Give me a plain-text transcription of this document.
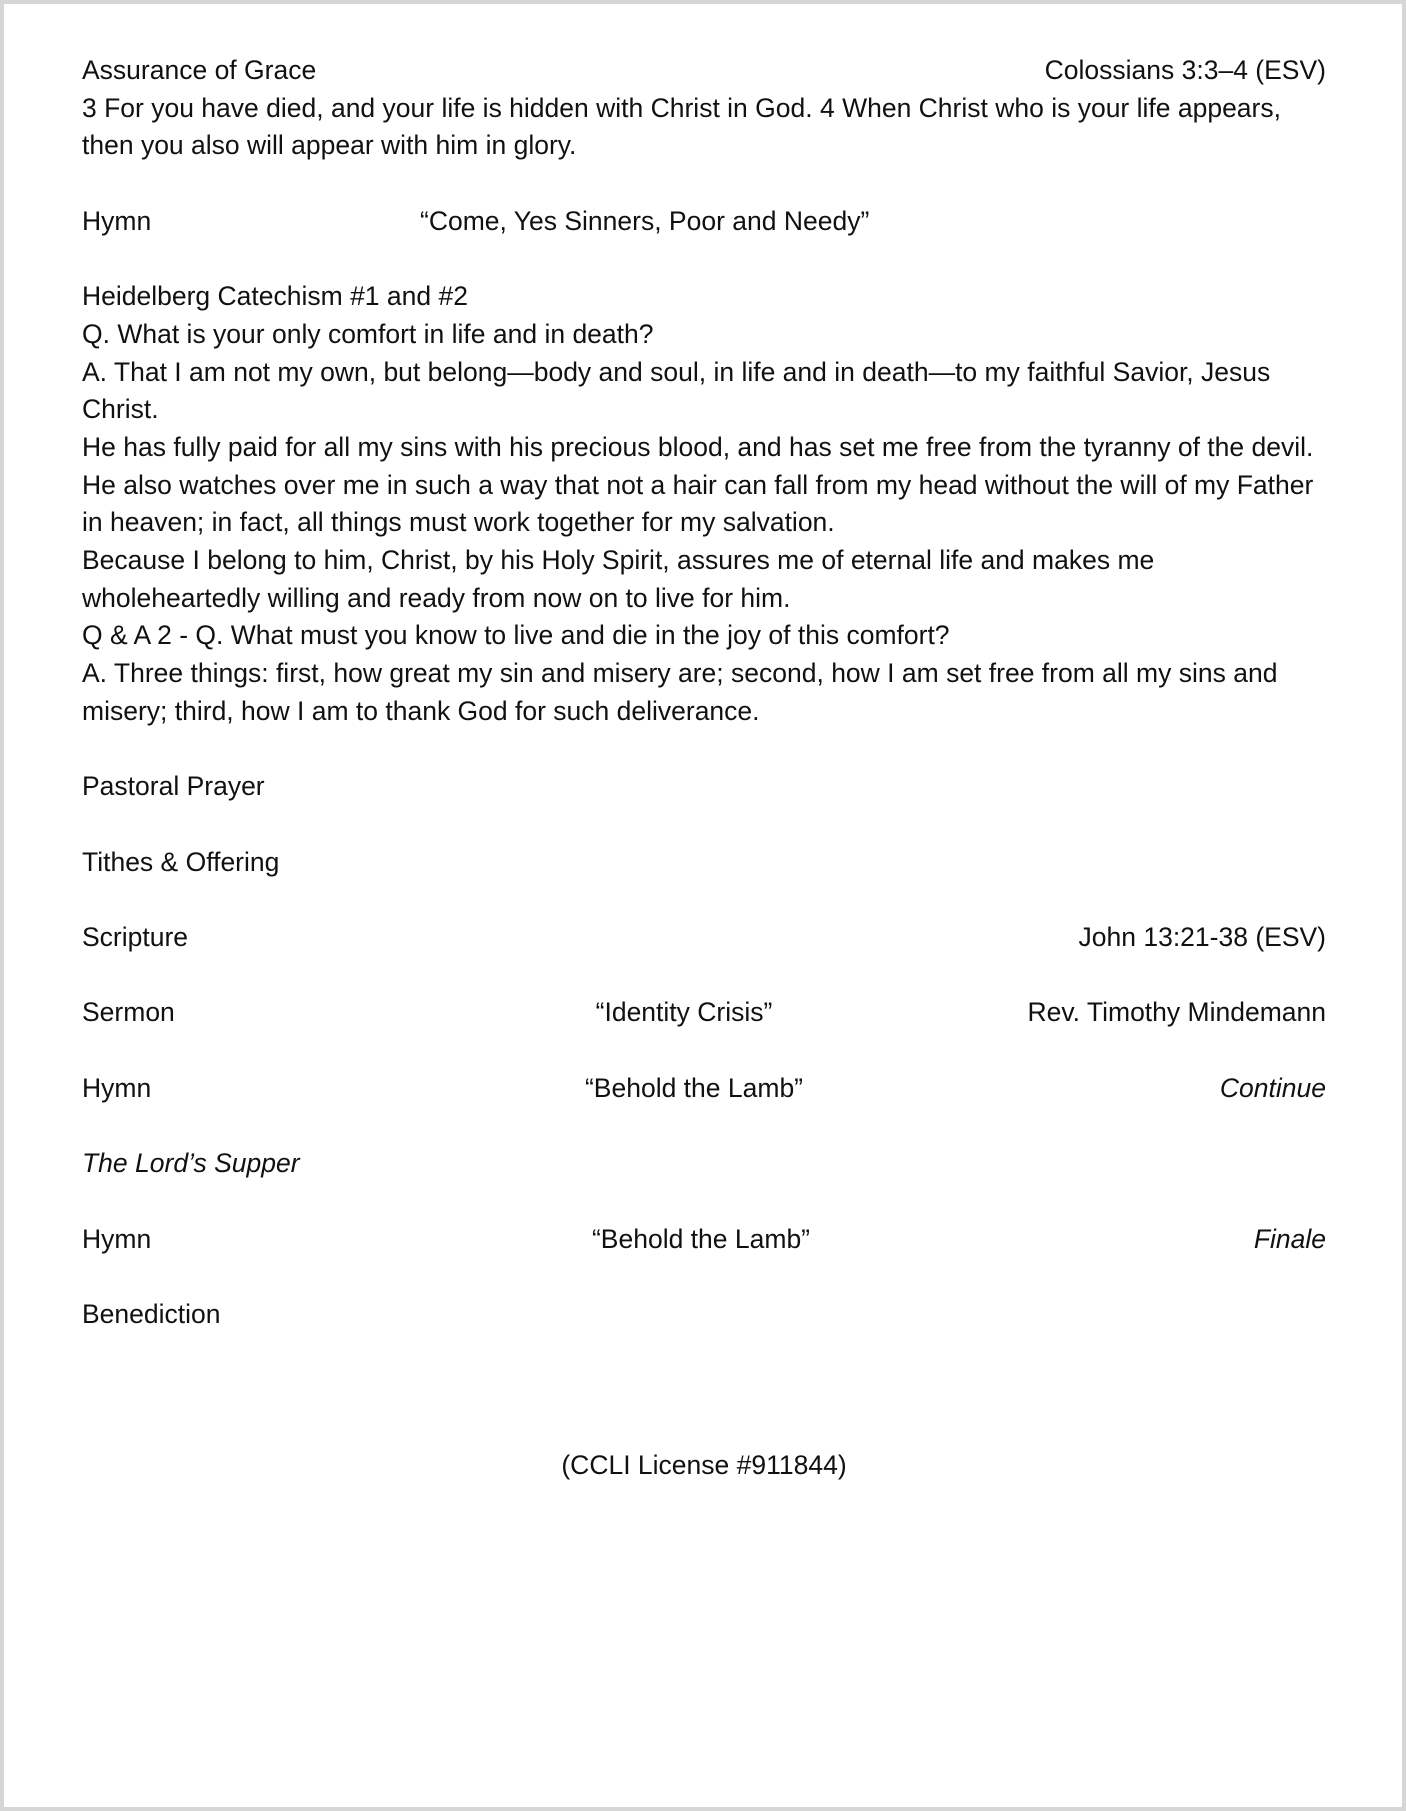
Assurance of Grace	Colossians 3:3–4 (ESV)

3 For you have died, and your life is hidden with Christ in God. 4 When Christ who is your life appears, then you also will appear with him in glory.

Hymn	“Come, Yes Sinners, Poor and Needy”

Heidelberg Catechism #1 and #2

Q. What is your only comfort in life and in death?

A. That I am not my own, but belong—body and soul, in life and in death—to my faithful Savior, Jesus Christ.

He has fully paid for all my sins with his precious blood, and has set me free from the tyranny of the devil. He also watches over me in such a way that not a hair can fall from my head without the will of my Father in heaven; in fact, all things must work together for my salvation.

Because I belong to him, Christ, by his Holy Spirit, assures me of eternal life and makes me wholeheartedly willing and ready from now on to live for him.

Q & A 2 - Q. What must you know to live and die in the joy of this comfort?

A. Three things: first, how great my sin and misery are; second, how I am set free from all my sins and misery; third, how I am to thank God for such deliverance.

Pastoral Prayer
Tithes & Offering
Scripture	John 13:21-38 (ESV)
Sermon	“Identity Crisis”	Rev. Timothy Mindemann
Hymn	“Behold the Lamb”	Continue
The Lord’s Supper
Hymn	“Behold the Lamb”	Finale
Benediction
(CCLI License #911844)
